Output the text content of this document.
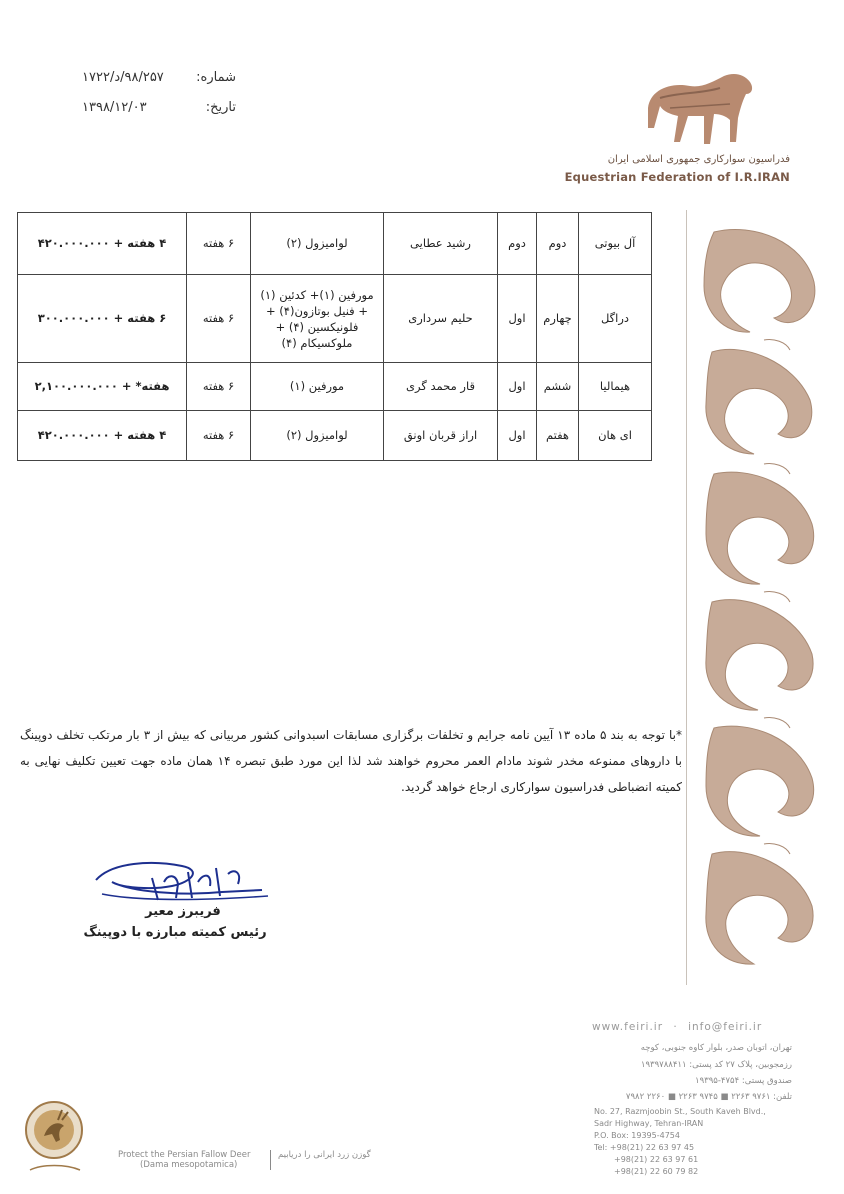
شماره:
۹۸/۲۵۷/د/۱۷۲۲
تاریخ:
۱۳۹۸/۱۲/۰۳
فدراسیون سوارکاری جمهوری اسلامی ایران
Equestrian Federation of I.R.IRAN
آل بیوتی	دوم	دوم	رشید عطایی	لوامیزول (۲)	۶ هفته	۴ هفته + ۴۲۰.۰۰۰.۰۰۰
دراگل	چهارم	اول	حلیم سرداری	مورفین (۱)+ کدئین (۱) + فنیل بوتازون(۴) + فلونیکسین (۴) + ملوکسیکام (۴)	۶ هفته	۶ هفته + ۳۰۰.۰۰۰.۰۰۰
هیمالیا	ششم	اول	قار محمد گری	مورفین (۱)	۶ هفته	هفته* + ۲,۱۰۰.۰۰۰.۰۰۰
ای هان	هفتم	اول	اراز قربان اونق	لوامیزول (۲)	۶ هفته	۴ هفته + ۴۲۰.۰۰۰.۰۰۰
*با توجه به بند ۵ ماده ۱۳ آیین نامه جرایم و تخلفات برگزاری مسابقات اسبدوانی کشور مربیانی که بیش از ۳ بار مرتکب تخلف دوپینگ با داروهای ممنوعه مخدر شوند مادام العمر محروم خواهند شد لذا این مورد طبق تبصره ۱۴ همان ماده جهت تعیین تکلیف نهایی به کمیته انضباطی فدراسیون سوارکاری ارجاع خواهد گردید.
فریبرز معیر
رئیس کمیته مبارزه با دوپینگ
www.feiri.ir · info@feiri.ir
تهران، اتوبان صدر، بلوار کاوه جنوبی، کوچه
رزمجوبین، پلاک ۲۷ کد پستی: ۱۹۳۹۷۸۸۴۱۱
صندوق پستی: ۴۷۵۴-۱۹۳۹۵
تلفن: ۹۷۶۱ ۲۲۶۳ ■ ۹۷۴۵ ۲۲۶۳ ■ ۲۲۶۰ ۷۹۸۲
No. 27, Razmjoobin St., South Kaveh Blvd.,
Sadr Highway, Tehran-IRAN
P.O. Box: 19395-4754
Tel: +98(21) 22 63 97 45
+98(21) 22 63 97 61
+98(21) 22 60 79 82
Protect the Persian Fallow Deer
(Dama mesopotamica)
گوزن زرد ایرانی را دریابیم
